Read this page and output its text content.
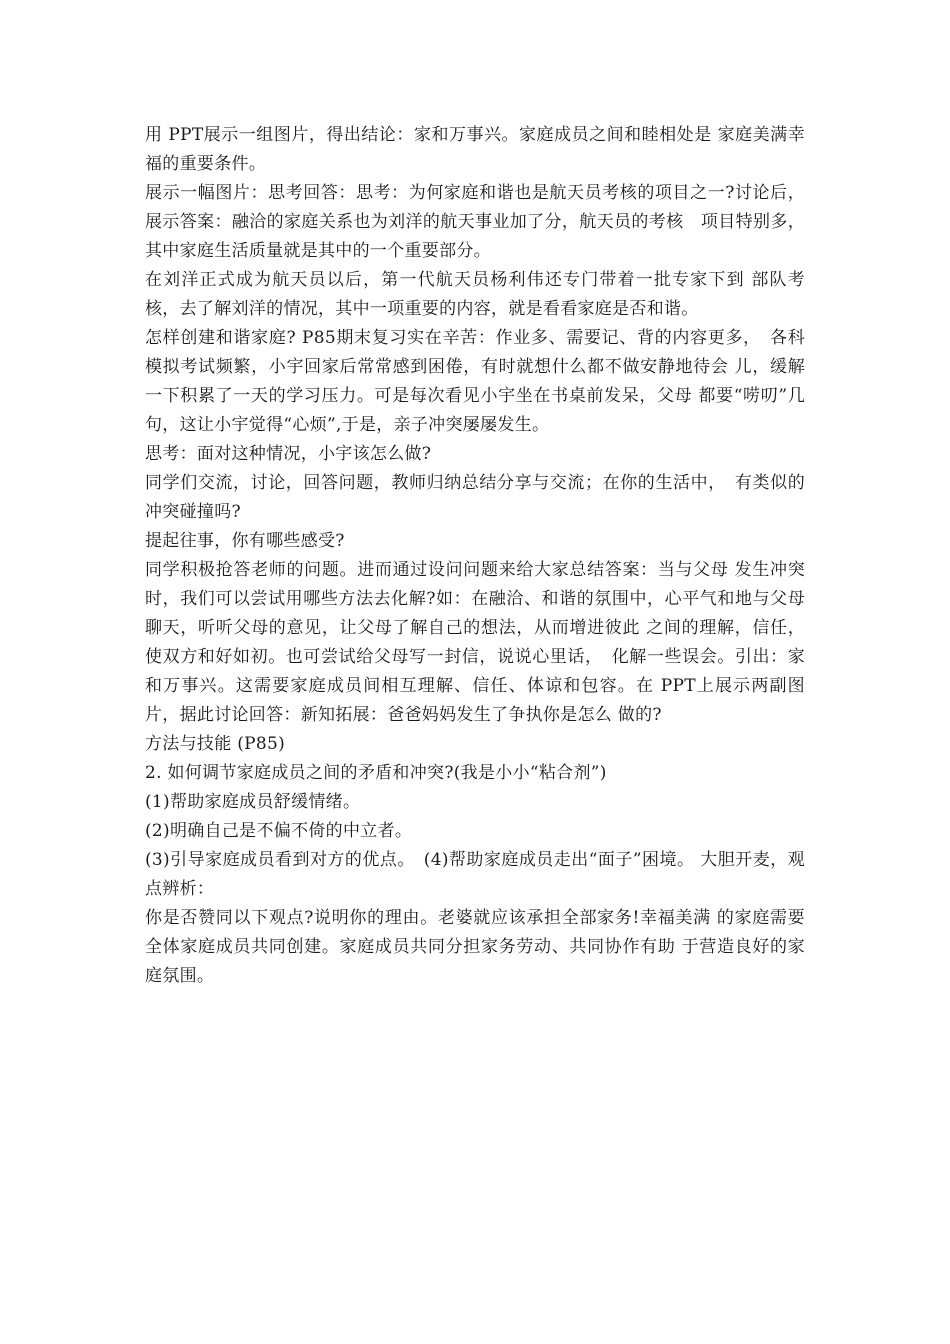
用 PPT展示一组图片，得出结论：家和万事兴。家庭成员之间和睦相处是 家庭美满幸福的重要条件。

展示一幅图片：思考回答：思考：为何家庭和谐也是航天员考核的项目之一?讨论后，展示答案：融洽的家庭关系也为刘洋的航天事业加了分，航天员的考核　项目特别多，其中家庭生活质量就是其中的一个重要部分。

在刘洋正式成为航天员以后，第一代航天员杨利伟还专门带着一批专家下到 部队考核，去了解刘洋的情况，其中一项重要的内容，就是看看家庭是否和谐。

怎样创建和谐家庭? P85期末复习实在辛苦：作业多、需要记、背的内容更多，　各科模拟考试频繁，小宇回家后常常感到困倦，有时就想什么都不做安静地待会 儿，缓解一下积累了一天的学习压力。可是每次看见小宇坐在书桌前发呆，父母 都要“唠叨”几句，这让小宇觉得“心烦”,于是，亲子冲突屡屡发生。

思考：面对这种情况，小宇该怎么做?

同学们交流，讨论，回答问题，教师归纳总结分享与交流；在你的生活中，　有类似的冲突碰撞吗?

提起往事，你有哪些感受?

同学积极抢答老师的问题。进而通过设问问题来给大家总结答案：当与父母 发生冲突时，我们可以尝试用哪些方法去化解?如：在融洽、和谐的氛围中，心平气和地与父母聊天，听听父母的意见，让父母了解自己的想法，从而增进彼此 之间的理解，信任，使双方和好如初。也可尝试给父母写一封信，说说心里话，　化解一些误会。引出：家和万事兴。这需要家庭成员间相互理解、信任、体谅和包容。在 PPT上展示两副图片，据此讨论回答：新知拓展：爸爸妈妈发生了争执你是怎么 做的?

方法与技能 (P85)

2. 如何调节家庭成员之间的矛盾和冲突?(我是小小“粘合剂”)

(1)帮助家庭成员舒缓情绪。

(2)明确自己是不偏不倚的中立者。

(3)引导家庭成员看到对方的优点。　(4)帮助家庭成员走出“面子”困境。 大胆开麦，观点辨析：

你是否赞同以下观点?说明你的理由。老婆就应该承担全部家务!幸福美满 的家庭需要全体家庭成员共同创建。家庭成员共同分担家务劳动、共同协作有助 于营造良好的家庭氛围。
